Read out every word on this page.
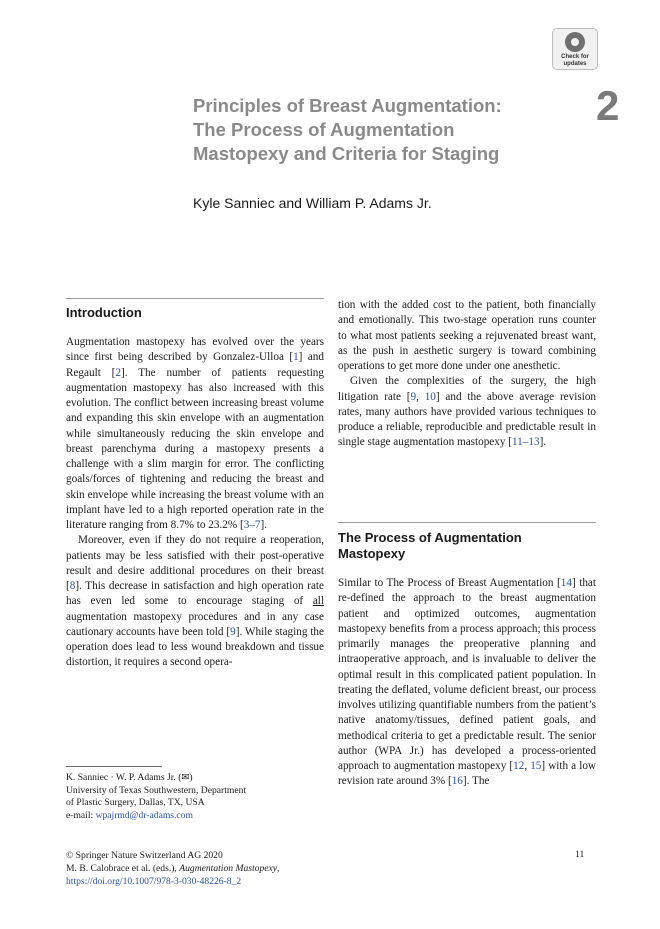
Check for
updates
Principles of Breast Augmentation:
The Process of Augmentation
Mastopexy and Criteria for Staging
2
Kyle Sanniec and William P. Adams Jr.
Introduction

Augmentation mastopexy has evolved over the years since first being described by Gonzalez-Ulloa [1] and Regault [2]. The number of patients requesting augmentation mastopexy has also increased with this evolution. The conflict between increasing breast volume and expanding this skin envelope with an augmentation while simultaneously reducing the skin envelope and breast parenchyma during a mastopexy presents a challenge with a slim margin for error. The conflicting goals/forces of tightening and reducing the breast and skin envelope while increasing the breast volume with an implant have led to a high reported operation rate in the literature ranging from 8.7% to 23.2% [3–7].

Moreover, even if they do not require a reoperation, patients may be less satisfied with their post-operative result and desire additional procedures on their breast [8]. This decrease in satisfaction and high operation rate has even led some to encourage staging of all augmentation mastopexy procedures and in any case cautionary accounts have been told [9]. While staging the operation does lead to less wound breakdown and tissue distortion, it requires a second opera-

K. Sanniec · W. P. Adams Jr. (✉)
University of Texas Southwestern, Department
of Plastic Surgery, Dallas, TX, USA
e-mail: wpajrmd@dr-adams.com
© Springer Nature Switzerland AG 2020
M. B. Calobrace et al. (eds.), Augmentation Mastopexy,
https://doi.org/10.1007/978-3-030-48226-8_2
11

tion with the added cost to the patient, both financially and emotionally. This two-stage operation runs counter to what most patients seeking a rejuvenated breast want, as the push in aesthetic surgery is toward combining operations to get more done under one anesthetic.

Given the complexities of the surgery, the high litigation rate [9, 10] and the above average revision rates, many authors have provided various techniques to produce a reliable, reproducible and predictable result in single stage augmentation mastopexy [11–13].

The Process of Augmentation
Mastopexy

Similar to The Process of Breast Augmentation [14] that re-defined the approach to the breast augmentation patient and optimized outcomes, augmentation mastopexy benefits from a process approach; this process primarily manages the preoperative planning and intraoperative approach, and is invaluable to deliver the optimal result in this complicated patient population. In treating the deflated, volume deficient breast, our process involves utilizing quantifiable numbers from the patient’s native anatomy/tissues, defined patient goals, and methodical criteria to get a predictable result. The senior author (WPA Jr.) has developed a process-oriented approach to augmentation mastopexy [12, 15] with a low revision rate around 3% [16]. The
